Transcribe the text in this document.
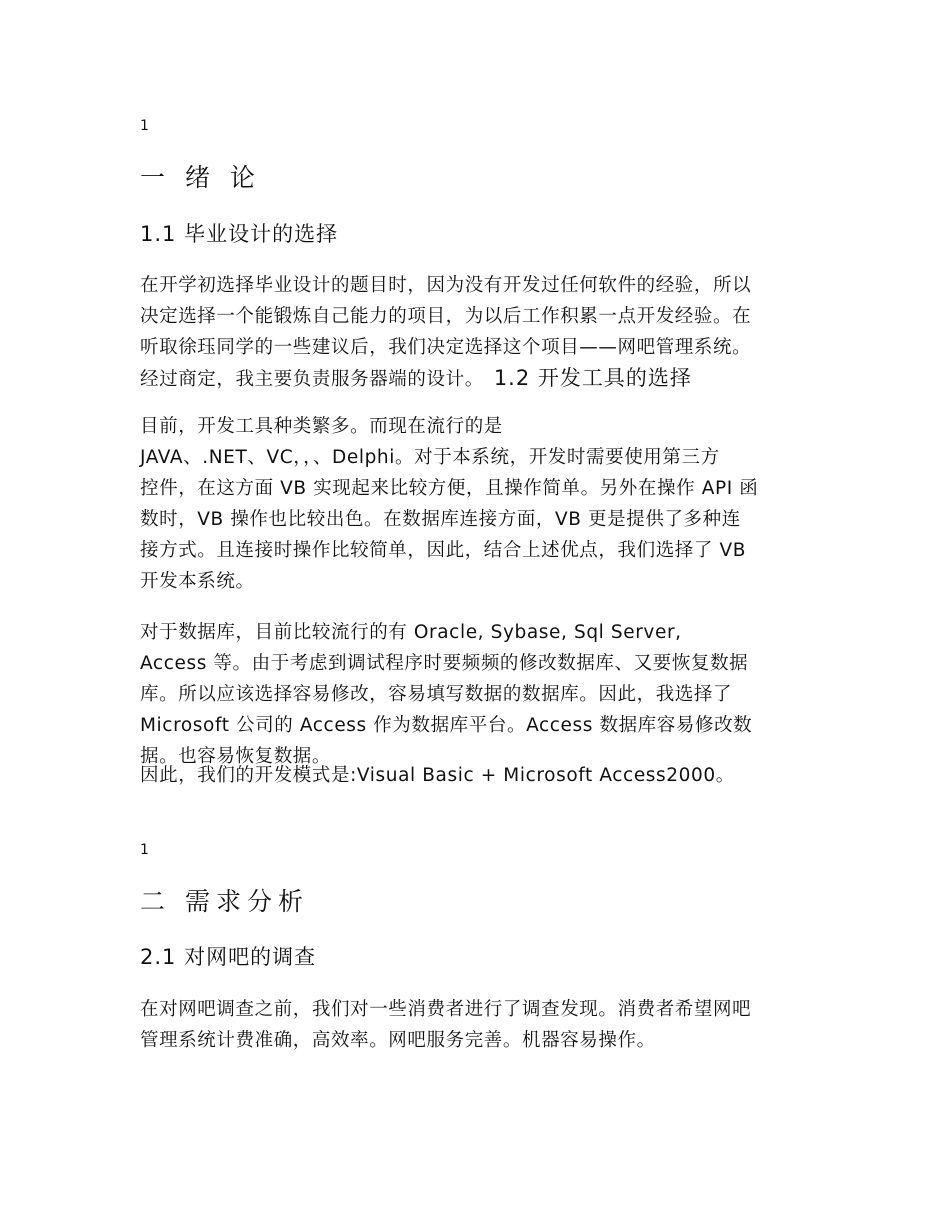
1
一 绪 论
1.1 毕业设计的选择

在开学初选择毕业设计的题目时，因为没有开发过任何软件的经验，所以
决定选择一个能锻炼自己能力的项目，为以后工作积累一点开发经验。在
听取徐珏同学的一些建议后，我们决定选择这个项目——网吧管理系统。
经过商定，我主要负责服务器端的设计。 1.2 开发工具的选择

目前，开发工具种类繁多。而现在流行的是
JAVA、.NET、VC，，、Delphi。对于本系统，开发时需要使用第三方
控件，在这方面 VB 实现起来比较方便，且操作简单。另外在操作 API 函
数时，VB 操作也比较出色。在数据库连接方面，VB 更是提供了多种连
接方式。且连接时操作比较简单，因此，结合上述优点，我们选择了 VB
开发本系统。

对于数据库，目前比较流行的有 Oracle, Sybase, Sql Server,
Access 等。由于考虑到调试程序时要频频的修改数据库、又要恢复数据
库。所以应该选择容易修改，容易填写数据的数据库。因此，我选择了
Microsoft 公司的 Access 作为数据库平台。Access 数据库容易修改数
据。也容易恢复数据。

因此，我们的开发模式是:Visual Basic + Microsoft Access2000。

1
二 需求分析
2.1 对网吧的调查

在对网吧调查之前，我们对一些消费者进行了调查发现。消费者希望网吧
管理系统计费准确，高效率。网吧服务完善。机器容易操作。
